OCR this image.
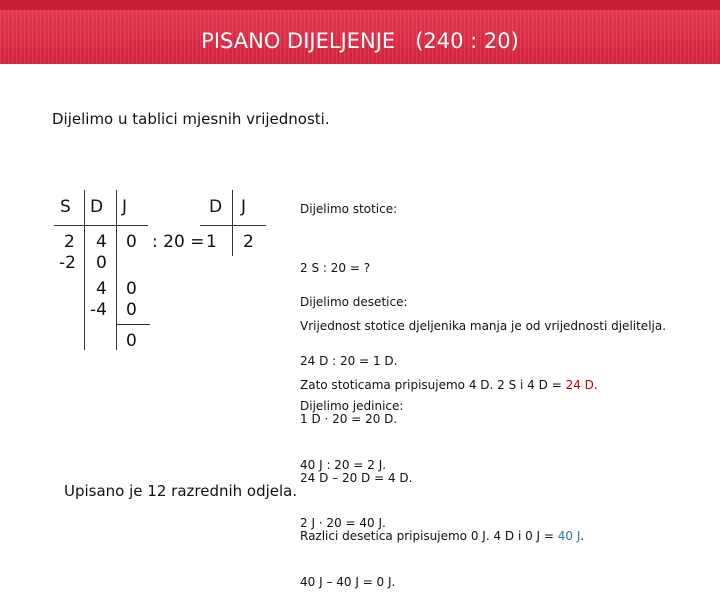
PISANO DIJELJENJE   (240 : 20)
Dijelimo u tablici mjesnih vrijednosti.
S D J	D J
2 4 0 : 20 = 1 2
-2 0
4 0
-4 0
0

Dijelimo stotice:

2 S : 20 = ?

Vrijednost stotice djeljenika manja je od vrijednosti djelitelja.

Zato stoticama pripisujemo 4 D. 2 S i 4 D = 24 D.

Dijelimo desetice:

24 D : 20 = 1 D.

1 D · 20 = 20 D.

24 D – 20 D = 4 D.

Razlici desetica pripisujemo 0 J. 4 D i 0 J = 40 J.

Dijelimo jedinice:

40 J : 20 = 2 J.

2 J · 20 = 40 J.

40 J – 40 J = 0 J.

Upisano je 12 razrednih odjela.
